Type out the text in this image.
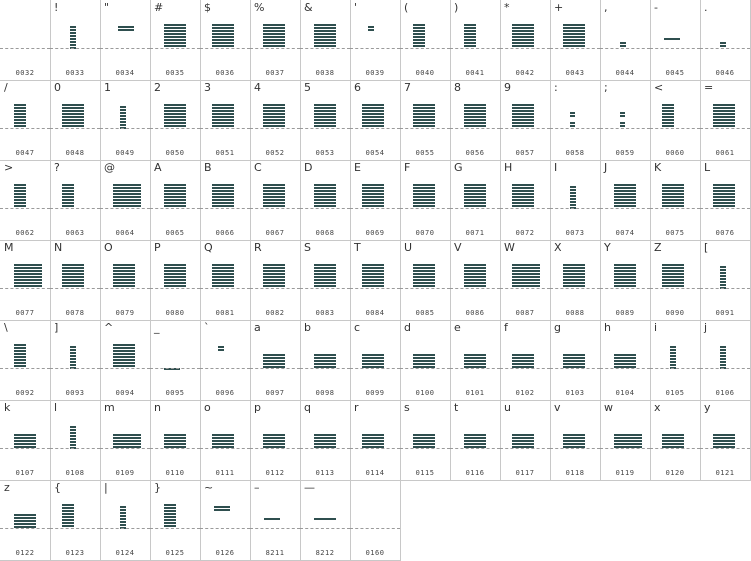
0032
!
0033
"
0034
#
0035
$
0036
%
0037
&
0038
'
0039
(
0040
)
0041
*
0042
+
0043
,
0044
-
0045
.
0046
/
0047
0
0048
1
0049
2
0050
3
0051
4
0052
5
0053
6
0054
7
0055
8
0056
9
0057
:
0058
;
0059
<
0060
=
0061
>
0062
?
0063
@
0064
A
0065
B
0066
C
0067
D
0068
E
0069
F
0070
G
0071
H
0072
I
0073
J
0074
K
0075
L
0076
M
0077
N
0078
O
0079
P
0080
Q
0081
R
0082
S
0083
T
0084
U
0085
V
0086
W
0087
X
0088
Y
0089
Z
0090
[
0091
\
0092
]
0093
^
0094
_
0095
`
0096
a
0097
b
0098
c
0099
d
0100
e
0101
f
0102
g
0103
h
0104
i
0105
j
0106
k
0107
l
0108
m
0109
n
0110
o
0111
p
0112
q
0113
r
0114
s
0115
t
0116
u
0117
v
0118
w
0119
x
0120
y
0121
z
0122
{
0123
|
0124
}
0125
~
0126
–
8211
—
8212	0160
